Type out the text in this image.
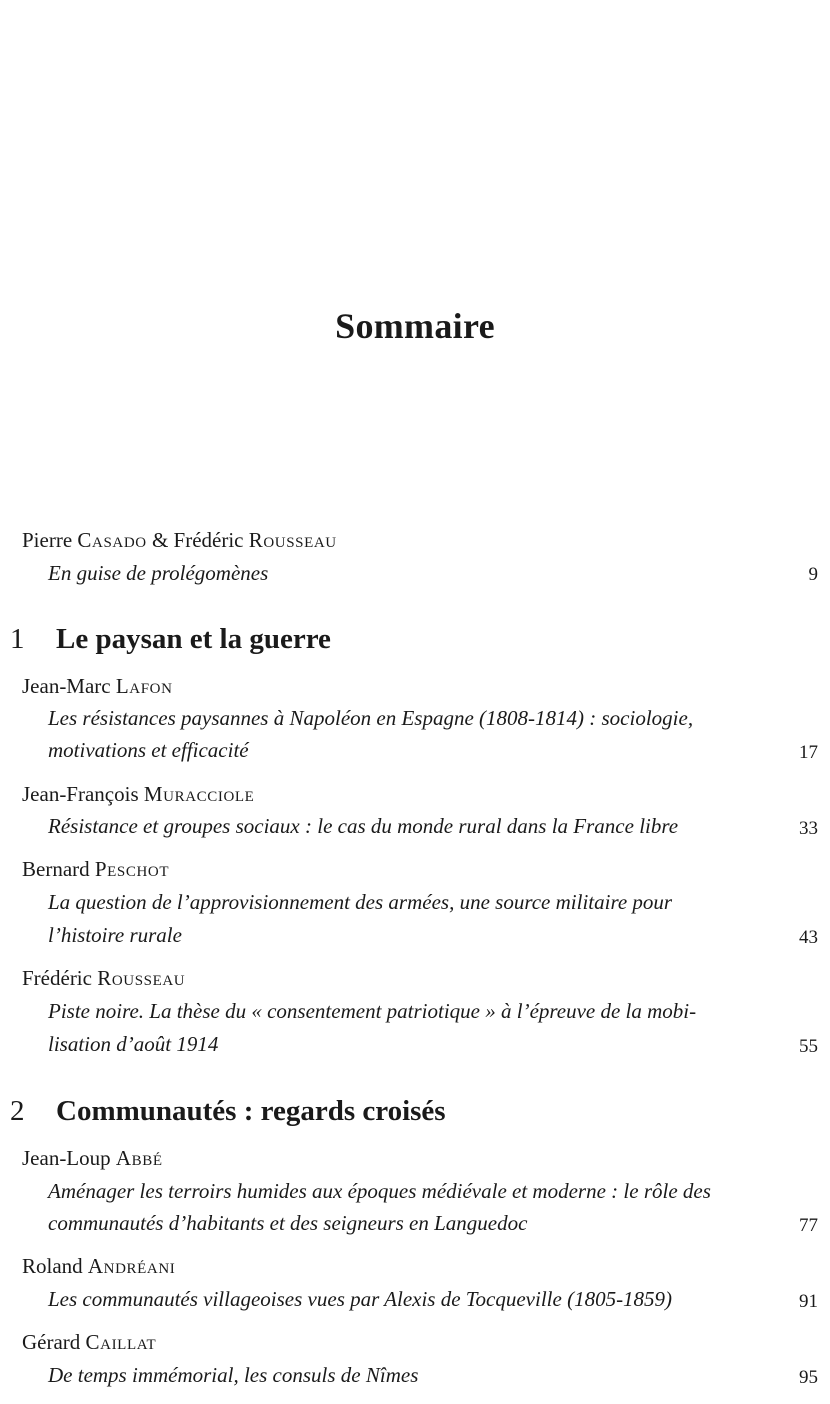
Sommaire
Pierre Casado & Frédéric Rousseau
En guise de prolégomènes	9
1 Le paysan et la guerre
Jean-Marc Lafon
Les résistances paysannes à Napoléon en Espagne (1808-1814) : sociologie,
motivations et efficacité	17
Jean-François Muracciole
Résistance et groupes sociaux : le cas du monde rural dans la France libre	33
Bernard Peschot
La question de l’approvisionnement des armées, une source militaire pour
l’histoire rurale	43
Frédéric Rousseau
Piste noire. La thèse du « consentement patriotique » à l’épreuve de la mobi-
lisation d’août 1914	55
2 Communautés : regards croisés
Jean-Loup Abbé
Aménager les terroirs humides aux époques médiévale et moderne : le rôle des
communautés d’habitants et des seigneurs en Languedoc	77
Roland Andréani
Les communautés villageoises vues par Alexis de Tocqueville (1805-1859)	91
Gérard Caillat
De temps immémorial, les consuls de Nîmes	95
